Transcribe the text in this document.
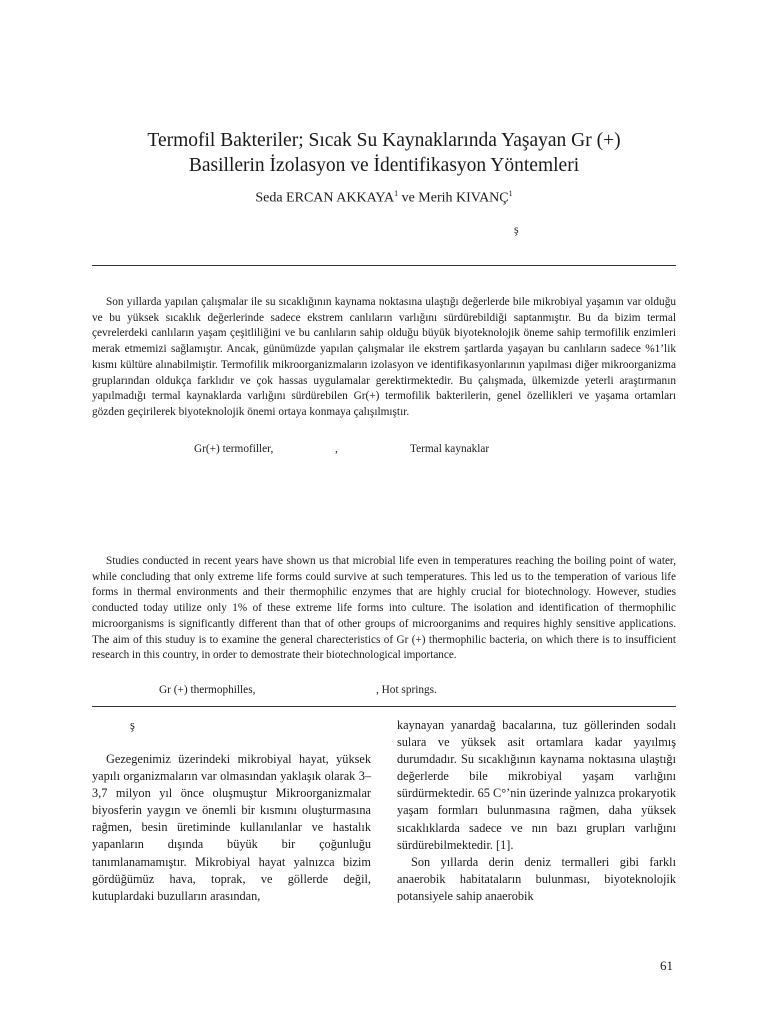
Termofil Bakteriler; Sıcak Su Kaynaklarında Yaşayan Gr (+)
Basillerin İzolasyon ve İdentifikasyon Yöntemleri
Seda ERCAN AKKAYA$^1$ ve Merih KIVANÇ$^1$
ş

Son yıllarda yapılan çalışmalar ile su sıcaklığının kaynama noktasına ulaştığı değerlerde bile mikrobiyal yaşamın var olduğu ve bu yüksek sıcaklık değerlerinde sadece ekstrem canlıların varlığını sürdürebildiği saptanmıştır. Bu da bizim termal çevrelerdeki canlıların yaşam çeşitliliğini ve bu canlıların sahip olduğu büyük biyoteknolojik öneme sahip termofilik enzimleri merak etmemizi sağlamıştır. Ancak, günümüzde yapılan çalışmalar ile ekstrem şartlarda yaşayan bu canlıların sadece %1’lik kısmı kültüre alınabilmiştir. Termofilik mikroorganizmaların izolasyon ve identifikasyonlarının yapılması diğer mikroorganizma gruplarından oldukça farklıdır ve çok hassas uygulamalar gerektirmektedir. Bu çalışmada, ülkemizde yeterli araştırmanın yapılmadığı termal kaynaklarda varlığını sürdürebilen Gr(+) termofilik bakterilerin, genel özellikleri ve yaşama ortamları gözden geçirilerek biyoteknolojik önemi ortaya konmaya çalışılmıştır.

Gr(+) termofiller,	,	Termal kaynaklar

Studies conducted in recent years have shown us that microbial life even in temperatures reaching the boiling point of water, while concluding that only extreme life forms could survive at such temperatures. This led us to the temperation of various life forms in thermal environments and their thermophilic enzymes that are highly crucial for biotechnology. However, studies conducted today utilize only 1% of these extreme life forms into culture. The isolation and identification of thermophilic microorganisms is significantly different than that of other groups of microorganims and requires highly sensitive applications. The aim of this studuy is to examine the general charecteristics of Gr (+) thermophilic bacteria, on which there is to insufficient research in this country, in order to demostrate their biotechnological importance.

Gr (+) thermophilles,	, Hot springs.
ş

Gezegenimiz üzerindeki mikrobiyal hayat, yüksek yapılı organizmaların var olmasından yaklaşık olarak 3–3,7 milyon yıl önce oluşmuştur Mikroorganizmalar biyosferin yaygın ve önemli bir kısmını oluşturmasına rağmen, besin üretiminde kullanılanlar ve hastalık yapanların dışında büyük bir çoğunluğu tanımlanamamıştır. Mikrobiyal hayat yalnızca bizim gördüğümüz hava, toprak, ve göllerde değil, kutuplardaki buzulların arasından,

kaynayan yanardağ bacalarına, tuz göllerinden sodalı sulara ve yüksek asit ortamlara kadar yayılmış durumdadır. Su sıcaklığının kaynama noktasına ulaştığı değerlerde bile mikrobiyal yaşam varlığını sürdürmektedir. 65 C°’nin üzerinde yalnızca prokaryotik yaşam formları bulunmasına rağmen, daha yüksek sıcaklıklarda sadece ve nın bazı grupları varlığını sürdürebilmektedir. [1].

Son yıllarda derin deniz termalleri gibi farklı anaerobik habitataların bulunması, biyoteknolojik potansiyele sahip anaerobik

61
